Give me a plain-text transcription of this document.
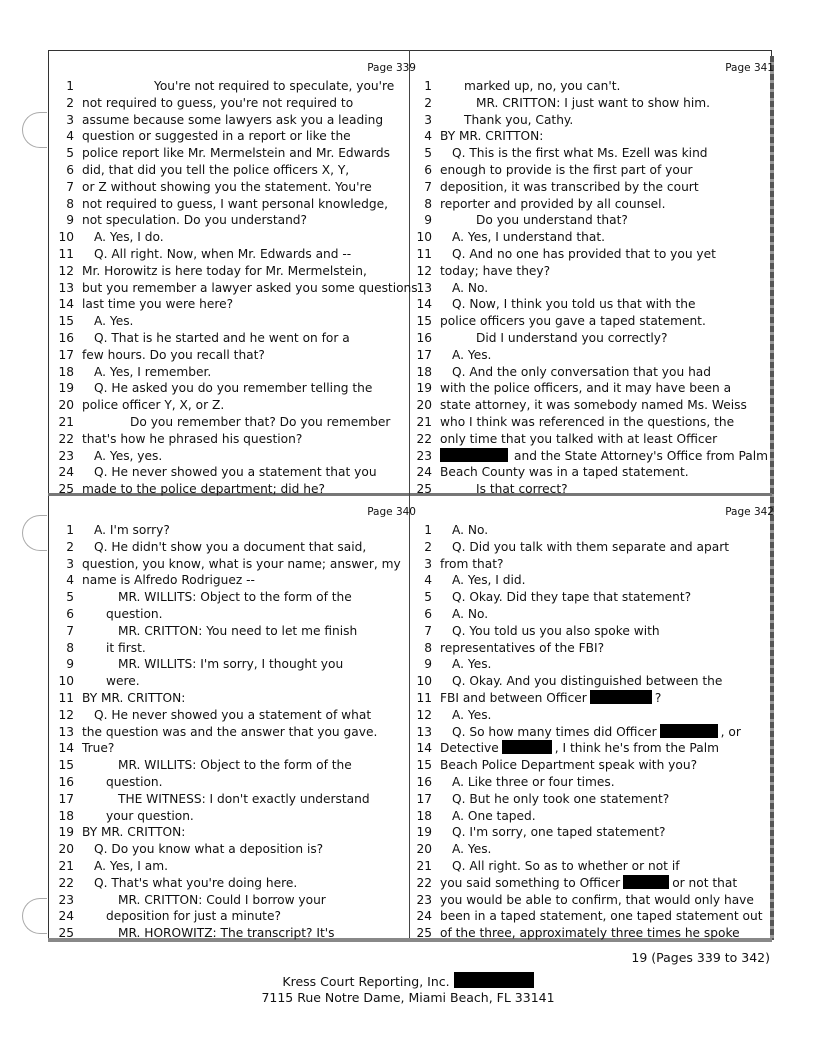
Page 339
1	You're not required to speculate, you're
2 not required to guess, you're not required to
3 assume because some lawyers ask you a leading
4 question or suggested in a report or like the
5 police report like Mr. Mermelstein and Mr. Edwards
6 did, that did you tell the police officers X, Y,
7 or Z without showing you the statement. You're
8 not required to guess, I want personal knowledge,
9 not speculation. Do you understand?
10 A. Yes, I do.
11 Q. All right. Now, when Mr. Edwards and --
12 Mr. Horowitz is here today for Mr. Mermelstein,
13 but you remember a lawyer asked you some questions
14 last time you were here?
15 A. Yes.
16 Q. That is he started and he went on for a
17 few hours. Do you recall that?
18 A. Yes, I remember.
19 Q. He asked you do you remember telling the
20 police officer Y, X, or Z.
21	Do you remember that? Do you remember
22 that's how he phrased his question?
23 A. Yes, yes.
24 Q. He never showed you a statement that you
25 made to the police department; did he?
Page 341
1	marked up, no, you can't.
2	MR. CRITTON: I just want to show him.
3	Thank you, Cathy.
4 BY MR. CRITTON:
5 Q. This is the first what Ms. Ezell was kind
6 enough to provide is the first part of your
7 deposition, it was transcribed by the court
8 reporter and provided by all counsel.
9	Do you understand that?
10 A. Yes, I understand that.
11 Q. And no one has provided that to you yet
12 today; have they?
13 A. No.
14 Q. Now, I think you told us that with the
15 police officers you gave a taped statement.
16	Did I understand you correctly?
17 A. Yes.
18 Q. And the only conversation that you had
19 with the police officers, and it may have been a
20 state attorney, it was somebody named Ms. Weiss
21 who I think was referenced in the questions, the
22 only time that you talked with at least Officer
23	and the State Attorney's Office from Palm
24 Beach County was in a taped statement.
25	Is that correct?
Page 340
1 A. I'm sorry?
2 Q. He didn't show you a document that said,
3 question, you know, what is your name; answer, my
4 name is Alfredo Rodriguez --
5	MR. WILLITS: Object to the form of the
6	question.
7	MR. CRITTON: You need to let me finish
8	it first.
9	MR. WILLITS: I'm sorry, I thought you
10	were.
11 BY MR. CRITTON:
12 Q. He never showed you a statement of what
13 the question was and the answer that you gave.
14 True?
15	MR. WILLITS: Object to the form of the
16	question.
17	THE WITNESS: I don't exactly understand
18	your question.
19 BY MR. CRITTON:
20 Q. Do you know what a deposition is?
21 A. Yes, I am.
22 Q. That's what you're doing here.
23	MR. CRITTON: Could I borrow your
24	deposition for just a minute?
25	MR. HOROWITZ: The transcript? It's
Page 342
1 A. No.
2 Q. Did you talk with them separate and apart
3 from that?
4 A. Yes, I did.
5 Q. Okay. Did they tape that statement?
6 A. No.
7 Q. You told us you also spoke with
8 representatives of the FBI?
9 A. Yes.
10 Q. Okay. And you distinguished between the
11 FBI and between Officer	?
12 A. Yes.
13 Q. So how many times did Officer	, or
14 Detective	, I think he's from the Palm
15 Beach Police Department speak with you?
16 A. Like three or four times.
17 Q. But he only took one statement?
18 A. One taped.
19 Q. I'm sorry, one taped statement?
20 A. Yes.
21 Q. All right. So as to whether or not if
22 you said something to Officer	or not that
23 you would be able to confirm, that would only have
24 been in a taped statement, one taped statement out
25 of the three, approximately three times he spoke
19 (Pages 339 to 342)
Kress Court Reporting, Inc.
7115 Rue Notre Dame, Miami Beach, FL 33141
